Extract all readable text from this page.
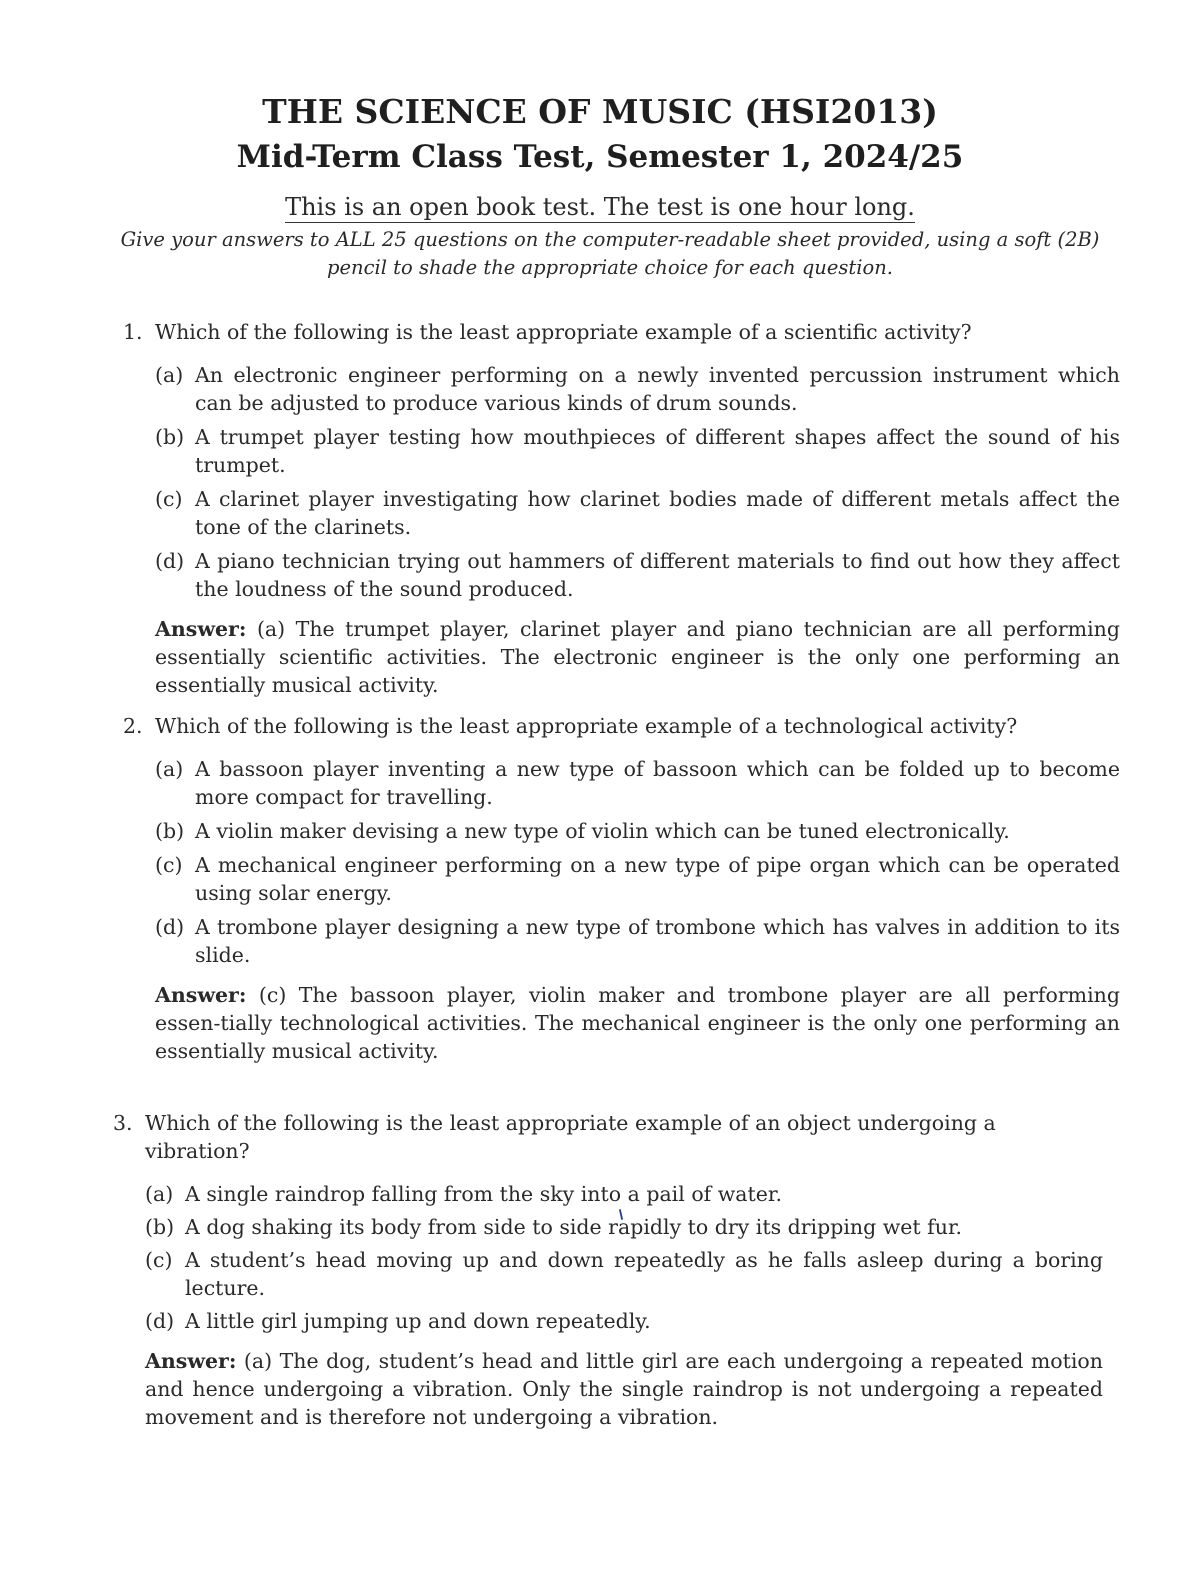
THE SCIENCE OF MUSIC (HSI2013)
Mid-Term Class Test, Semester 1, 2024/25
This is an open book test. The test is one hour long.
Give your answers to ALL 25 questions on the computer-readable sheet provided, using a soft (2B) pencil to shade the appropriate choice for each question.
1. Which of the following is the least appropriate example of a scientific activity?
(a) An electronic engineer performing on a newly invented percussion instrument which can be adjusted to produce various kinds of drum sounds.
(b) A trumpet player testing how mouthpieces of different shapes affect the sound of his trumpet.
(c) A clarinet player investigating how clarinet bodies made of different metals affect the tone of the clarinets.
(d) A piano technician trying out hammers of different materials to find out how they affect the loudness of the sound produced.
Answer: (a) The trumpet player, clarinet player and piano technician are all performing essentially scientific activities. The electronic engineer is the only one performing an essentially musical activity.
2. Which of the following is the least appropriate example of a technological activity?
(a) A bassoon player inventing a new type of bassoon which can be folded up to become more compact for travelling.
(b) A violin maker devising a new type of violin which can be tuned electronically.
(c) A mechanical engineer performing on a new type of pipe organ which can be operated using solar energy.
(d) A trombone player designing a new type of trombone which has valves in addition to its slide.
Answer: (c) The bassoon player, violin maker and trombone player are all performing essen-tially technological activities. The mechanical engineer is the only one performing an essentially musical activity.
3. Which of the following is the least appropriate example of an object undergoing a vibration?
(a) A single raindrop falling from the sky into a pail of water.
(b) A dog shaking its body from side to side rapidly to dry its dripping wet fur.
(c) A student’s head moving up and down repeatedly as he falls asleep during a boring lecture.
(d) A little girl jumping up and down repeatedly.
Answer: (a) The dog, student’s head and little girl are each undergoing a repeated motion and hence undergoing a vibration. Only the single raindrop is not undergoing a repeated movement and is therefore not undergoing a vibration.
